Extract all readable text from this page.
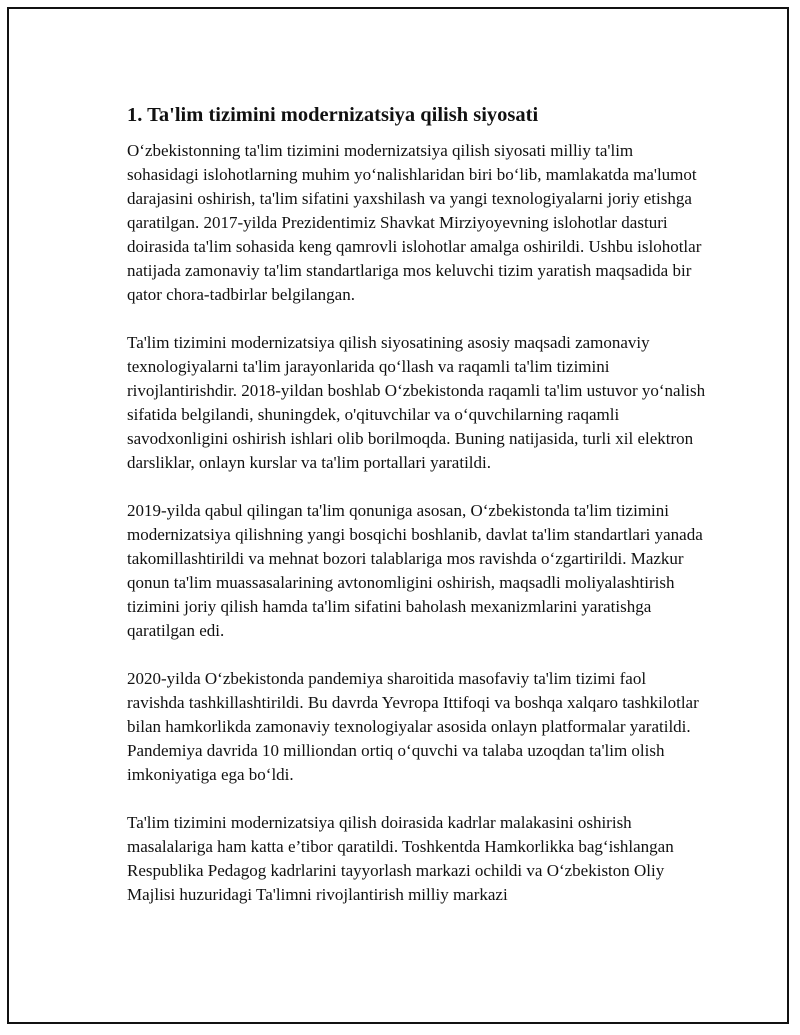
1. Ta'lim tizimini modernizatsiya qilish siyosati

O‘zbekistonning ta'lim tizimini modernizatsiya qilish siyosati milliy ta'lim sohasidagi islohotlarning muhim yo‘nalishlaridan biri bo‘lib, mamlakatda ma'lumot darajasini oshirish, ta'lim sifatini yaxshilash va yangi texnologiyalarni joriy etishga qaratilgan. 2017-yilda Prezidentimiz Shavkat Mirziyoyevning islohotlar dasturi doirasida ta'lim sohasida keng qamrovli islohotlar amalga oshirildi. Ushbu islohotlar natijada zamonaviy ta'lim standartlariga mos keluvchi tizim yaratish maqsadida bir qator chora-tadbirlar belgilangan.

Ta'lim tizimini modernizatsiya qilish siyosatining asosiy maqsadi zamonaviy texnologiyalarni ta'lim jarayonlarida qo‘llash va raqamli ta'lim tizimini rivojlantirishdir. 2018-yildan boshlab O‘zbekistonda raqamli ta'lim ustuvor yo‘nalish sifatida belgilandi, shuningdek, o'qituvchilar va o‘quvchilarning raqamli savodxonligini oshirish ishlari olib borilmoqda. Buning natijasida, turli xil elektron darsliklar, onlayn kurslar va ta'lim portallari yaratildi.

2019-yilda qabul qilingan ta'lim qonuniga asosan, O‘zbekistonda ta'lim tizimini modernizatsiya qilishning yangi bosqichi boshlanib, davlat ta'lim standartlari yanada takomillashtirildi va mehnat bozori talablariga mos ravishda o‘zgartirildi. Mazkur qonun ta'lim muassasalarining avtonomligini oshirish, maqsadli moliyalashtirish tizimini joriy qilish hamda ta'lim sifatini baholash mexanizmlarini yaratishga qaratilgan edi.

2020-yilda O‘zbekistonda pandemiya sharoitida masofaviy ta'lim tizimi faol ravishda tashkillashtirildi. Bu davrda Yevropa Ittifoqi va boshqa xalqaro tashkilotlar bilan hamkorlikda zamonaviy texnologiyalar asosida onlayn platformalar yaratildi. Pandemiya davrida 10 milliondan ortiq o‘quvchi va talaba uzoqdan ta'lim olish imkoniyatiga ega bo‘ldi.

Ta'lim tizimini modernizatsiya qilish doirasida kadrlar malakasini oshirish masalalariga ham katta e’tibor qaratildi. Toshkentda Hamkorlikka bag‘ishlangan Respublika Pedagog kadrlarini tayyorlash markazi ochildi va O‘zbekiston Oliy Majlisi huzuridagi Ta'limni rivojlantirish milliy markazi
